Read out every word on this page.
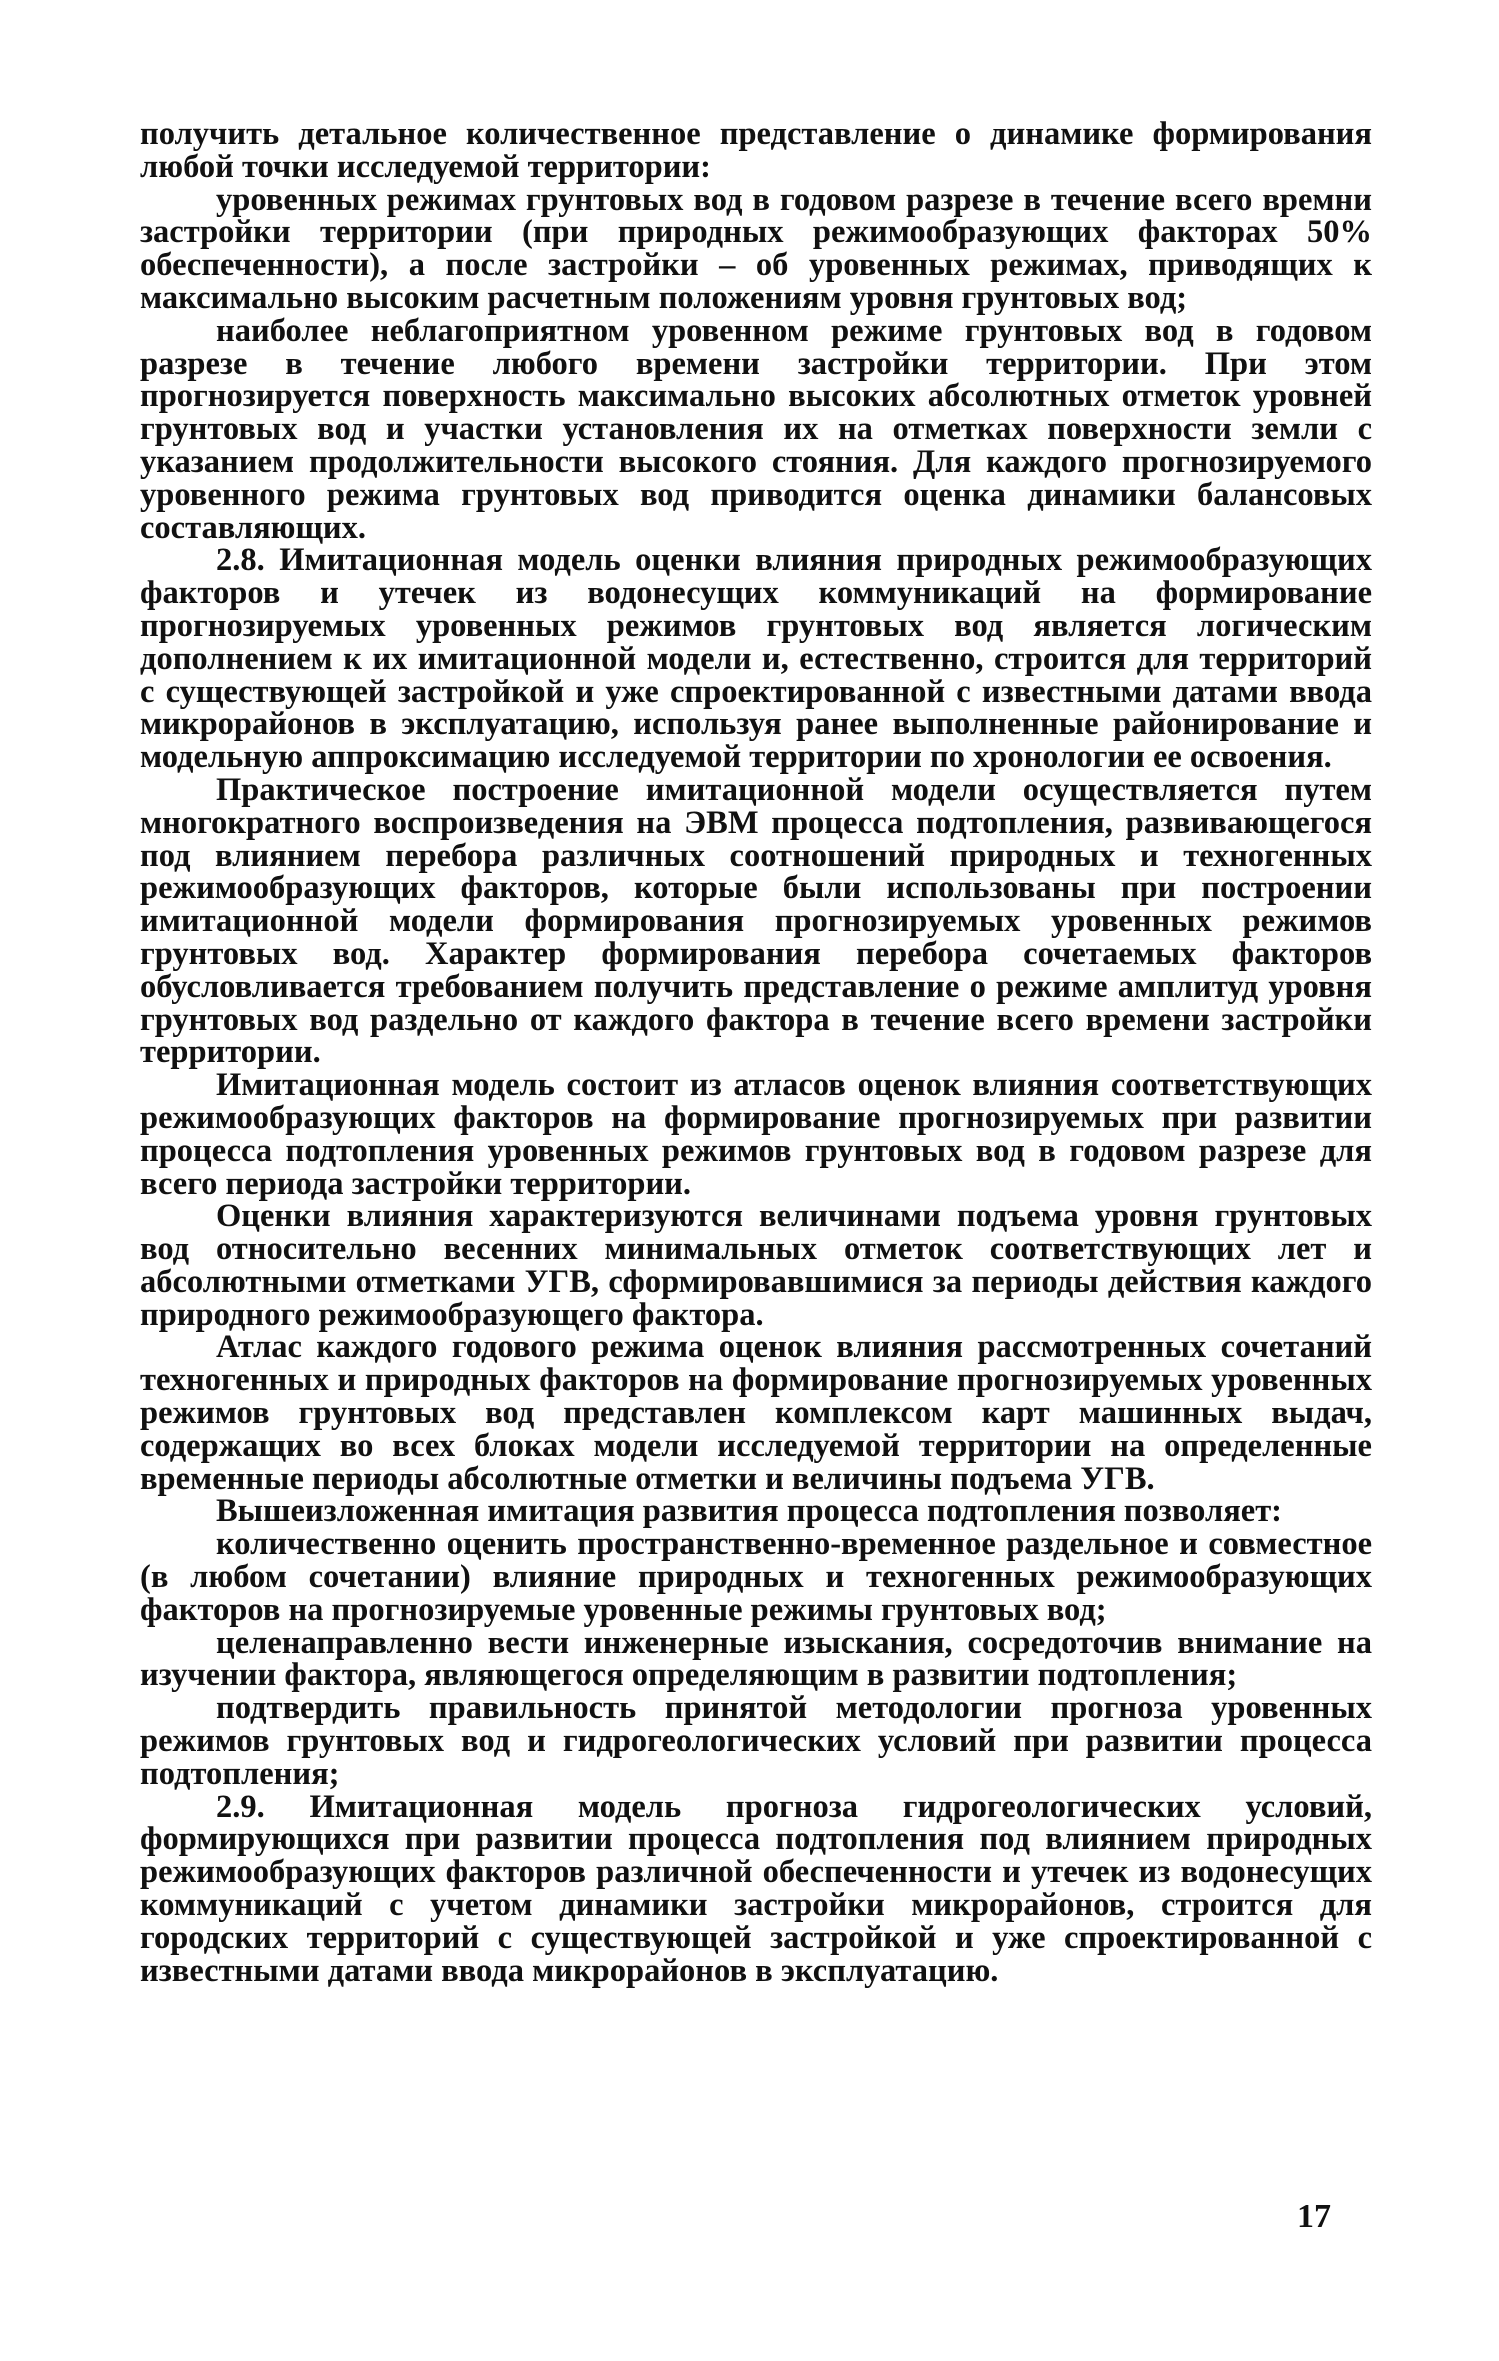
получить детальное количественное представление о динамике формирования любой точки исследуемой территории:

уровенных режимах грунтовых вод в годовом разрезе в течение всего времни застройки территории (при природных режимообразующих факторах 50% обеспеченности), а после застройки – об уровенных режимах, приводящих к максимально высоким расчетным положениям уровня грунтовых вод;

наиболее неблагоприятном уровенном режиме грунтовых вод в годовом разрезе в течение любого времени застройки территории. При этом прогнозируется поверхность максимально высоких абсолютных отметок уровней грунтовых вод и участки установления их на отметках поверхности земли с указанием продолжительности высокого стояния. Для каждого прогнозируемого уровенного режима грунтовых вод приводится оценка динамики балансовых составляющих.

2.8. Имитационная модель оценки влияния природных режимообразующих факторов и утечек из водонесущих коммуникаций на формирование прогнозируемых уровенных режимов грунтовых вод является логическим дополнением к их имитационной модели и, естественно, строится для территорий с существующей застройкой и уже спроектированной с известными датами ввода микрорайонов в эксплуатацию, используя ранее выполненные районирование и модельную аппроксимацию исследуемой территории по хронологии ее освоения.

Практическое построение имитационной модели осуществляется путем многократного воспроизведения на ЭВМ процесса подтопления, развивающегося под влиянием перебора различных соотношений природных и техногенных режимообразующих факторов, которые были использованы при построении имитационной модели формирования прогнозируемых уровенных режимов грунтовых вод. Характер формирования перебора сочетаемых факторов обусловливается требованием получить представление о режиме амплитуд уровня грунтовых вод раздельно от каждого фактора в течение всего времени застройки территории.

Имитационная модель состоит из атласов оценок влияния соответствующих режимообразующих факторов на формирование прогнозируемых при развитии процесса подтопления уровенных режимов грунтовых вод в годовом разрезе для всего периода застройки территории.

Оценки влияния характеризуются величинами подъема уровня грунтовых вод относительно весенних минимальных отметок соответствующих лет и абсолютными отметками УГВ, сформировавшимися за периоды действия каждого природного режимообразующего фактора.

Атлас каждого годового режима оценок влияния рассмотренных сочетаний техногенных и природных факторов на формирование прогнозируемых уровенных режимов грунтовых вод представлен комплексом карт машинных выдач, содержащих во всех блоках модели исследуемой территории на определенные временные периоды абсолютные отметки и величины подъема УГВ.

Вышеизложенная имитация развития процесса подтопления позволяет:

количественно оценить пространственно-временное раздельное и совместное (в любом сочетании) влияние природных и техногенных режимообразующих факторов на прогнозируемые уровенные режимы грунтовых вод;

целенаправленно вести инженерные изыскания, сосредоточив внимание на изучении фактора, являющегося определяющим в развитии подтопления;

подтвердить правильность принятой методологии прогноза уровенных режимов грунтовых вод и гидрогеологических условий при развитии процесса подтопления;

2.9. Имитационная модель прогноза гидрогеологических условий, формирующихся при развитии процесса подтопления под влиянием природных режимообразующих факторов различной обеспеченности и утечек из водонесущих коммуникаций с учетом динамики застройки микрорайонов, строится для городских территорий с существующей застройкой и уже спроектированной с известными датами ввода микрорайонов в эксплуатацию.

17
